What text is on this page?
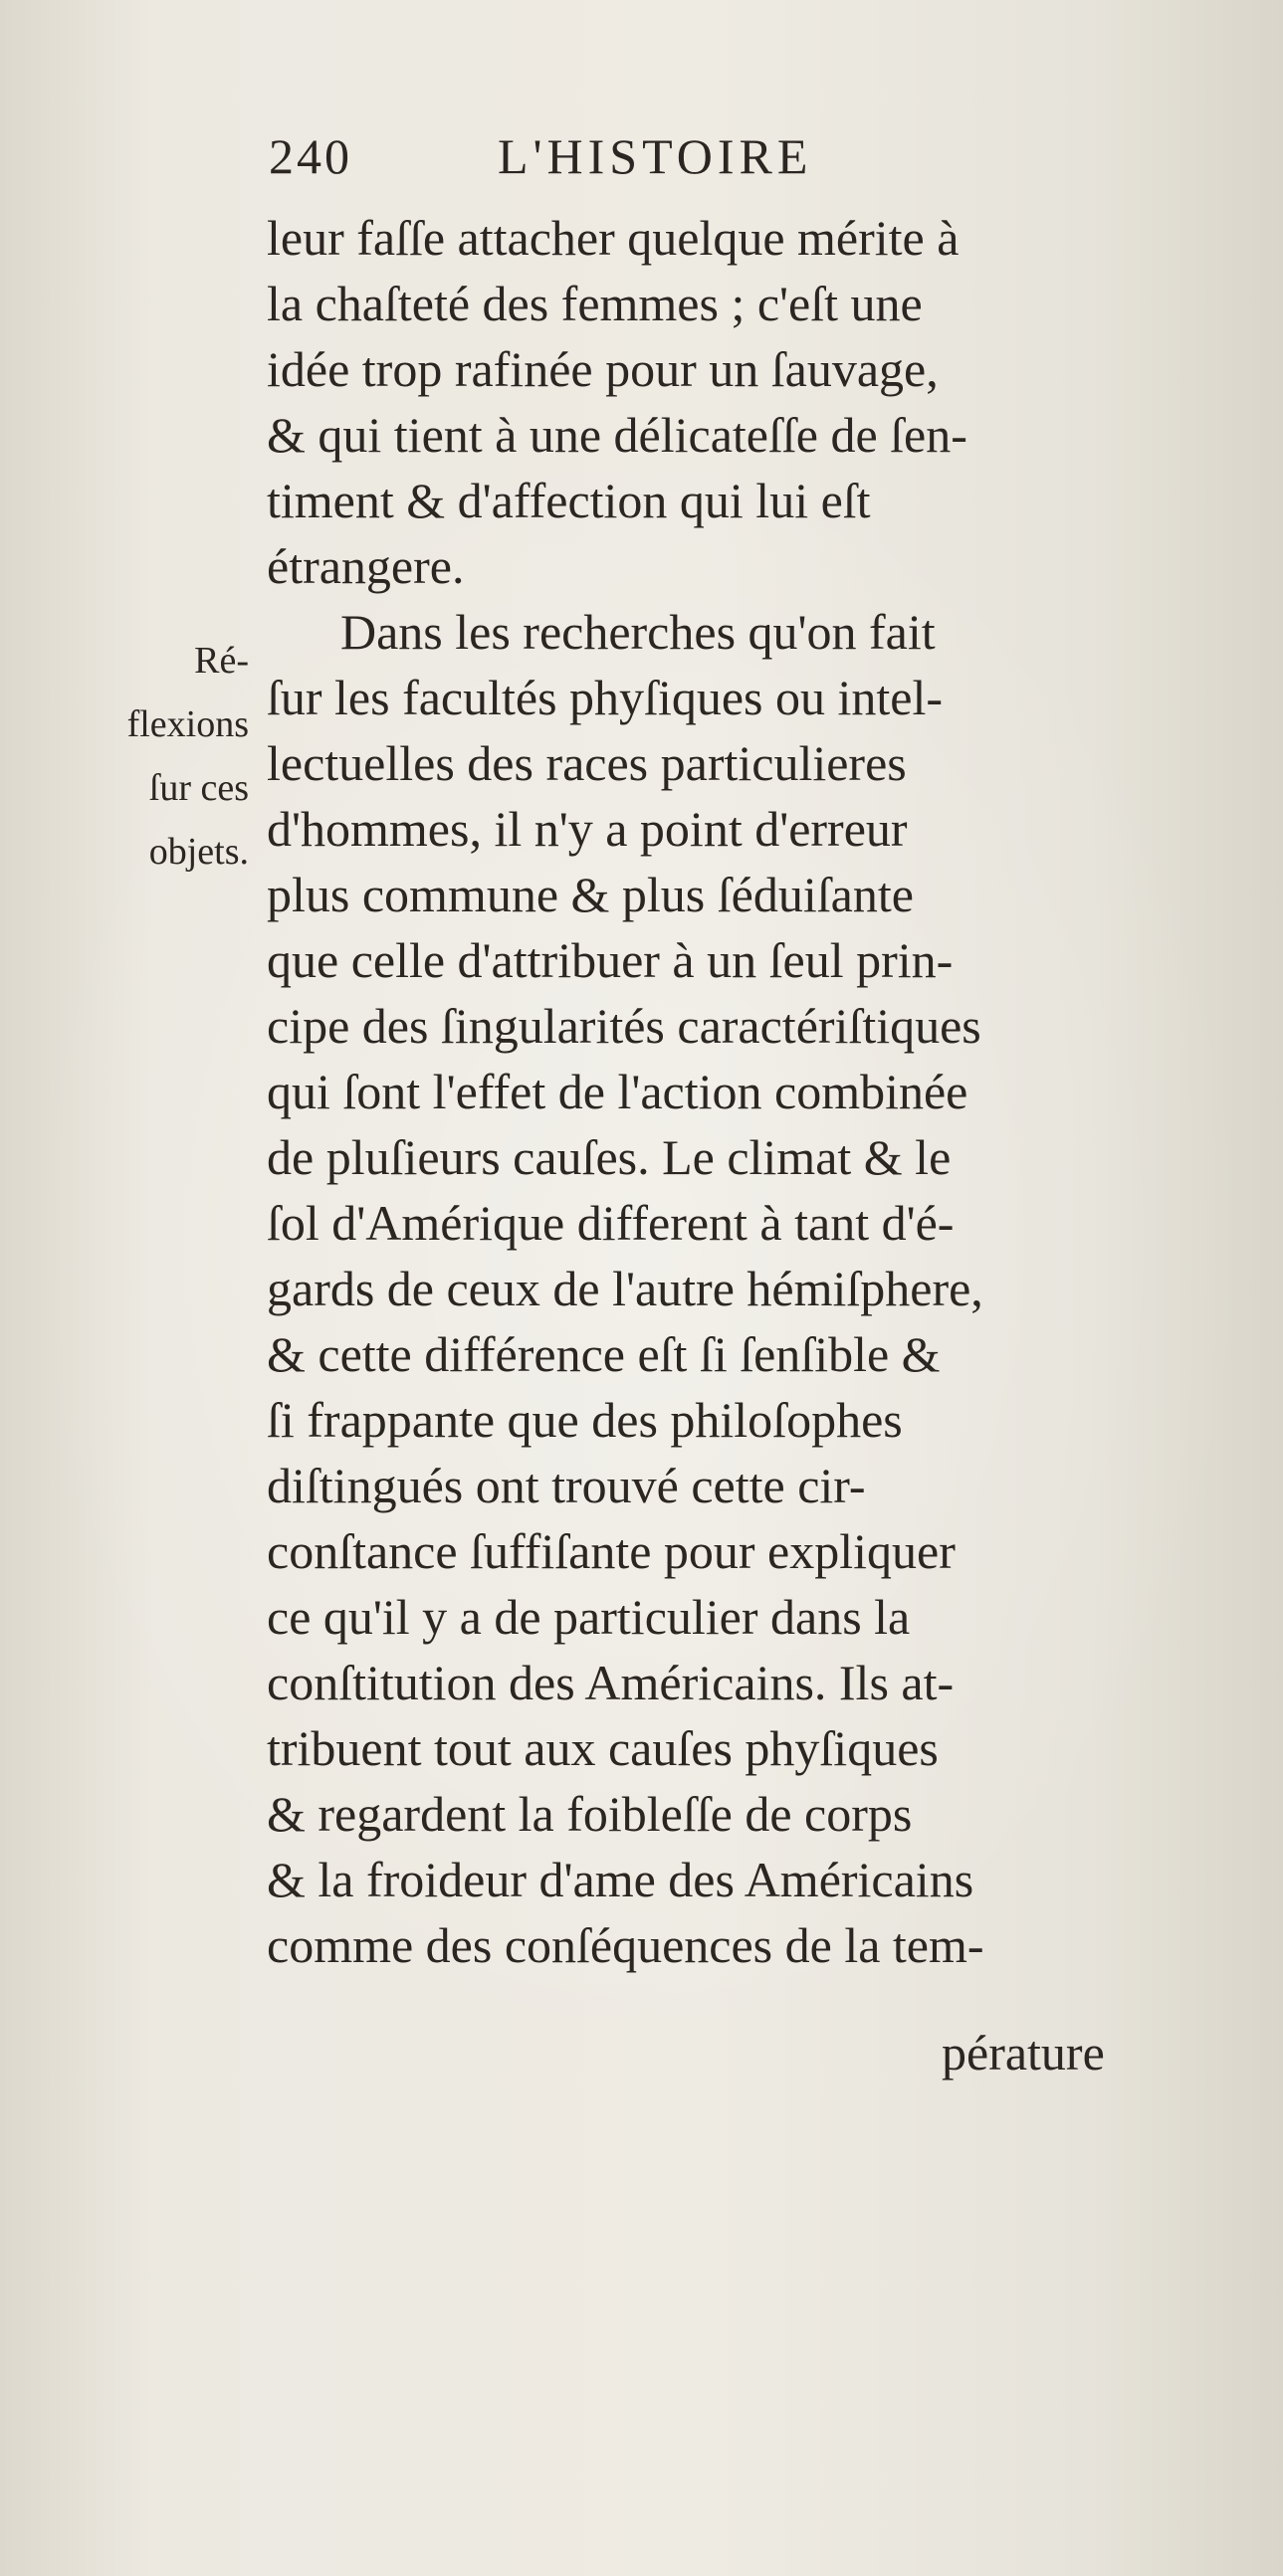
240	L'HISTOIRE
Ré-
flexions
ſur ces
objets.
leur faſſe attacher quelque mérite à
la chaſteté des femmes ; c'eſt une
idée trop rafinée pour un ſauvage,
& qui tient à une délicateſſe de ſen-
timent & d'affection qui lui eſt
étrangere.
Dans les recherches qu'on fait
ſur les facultés phyſiques ou intel-
lectuelles des races particulieres
d'hommes, il n'y a point d'erreur
plus commune & plus ſéduiſante
que celle d'attribuer à un ſeul prin-
cipe des ſingularités caractériſtiques
qui ſont l'effet de l'action combinée
de pluſieurs cauſes. Le climat & le
ſol d'Amérique different à tant d'é-
gards de ceux de l'autre hémiſphere,
& cette différence eſt ſi ſenſible &
ſi frappante que des philoſophes
diſtingués ont trouvé cette cir-
conſtance ſuffiſante pour expliquer
ce qu'il y a de particulier dans la
conſtitution des Américains. Ils at-
tribuent tout aux cauſes phyſiques
& regardent la foibleſſe de corps
& la froideur d'ame des Américains
comme des conſéquences de la tem-
pérature
